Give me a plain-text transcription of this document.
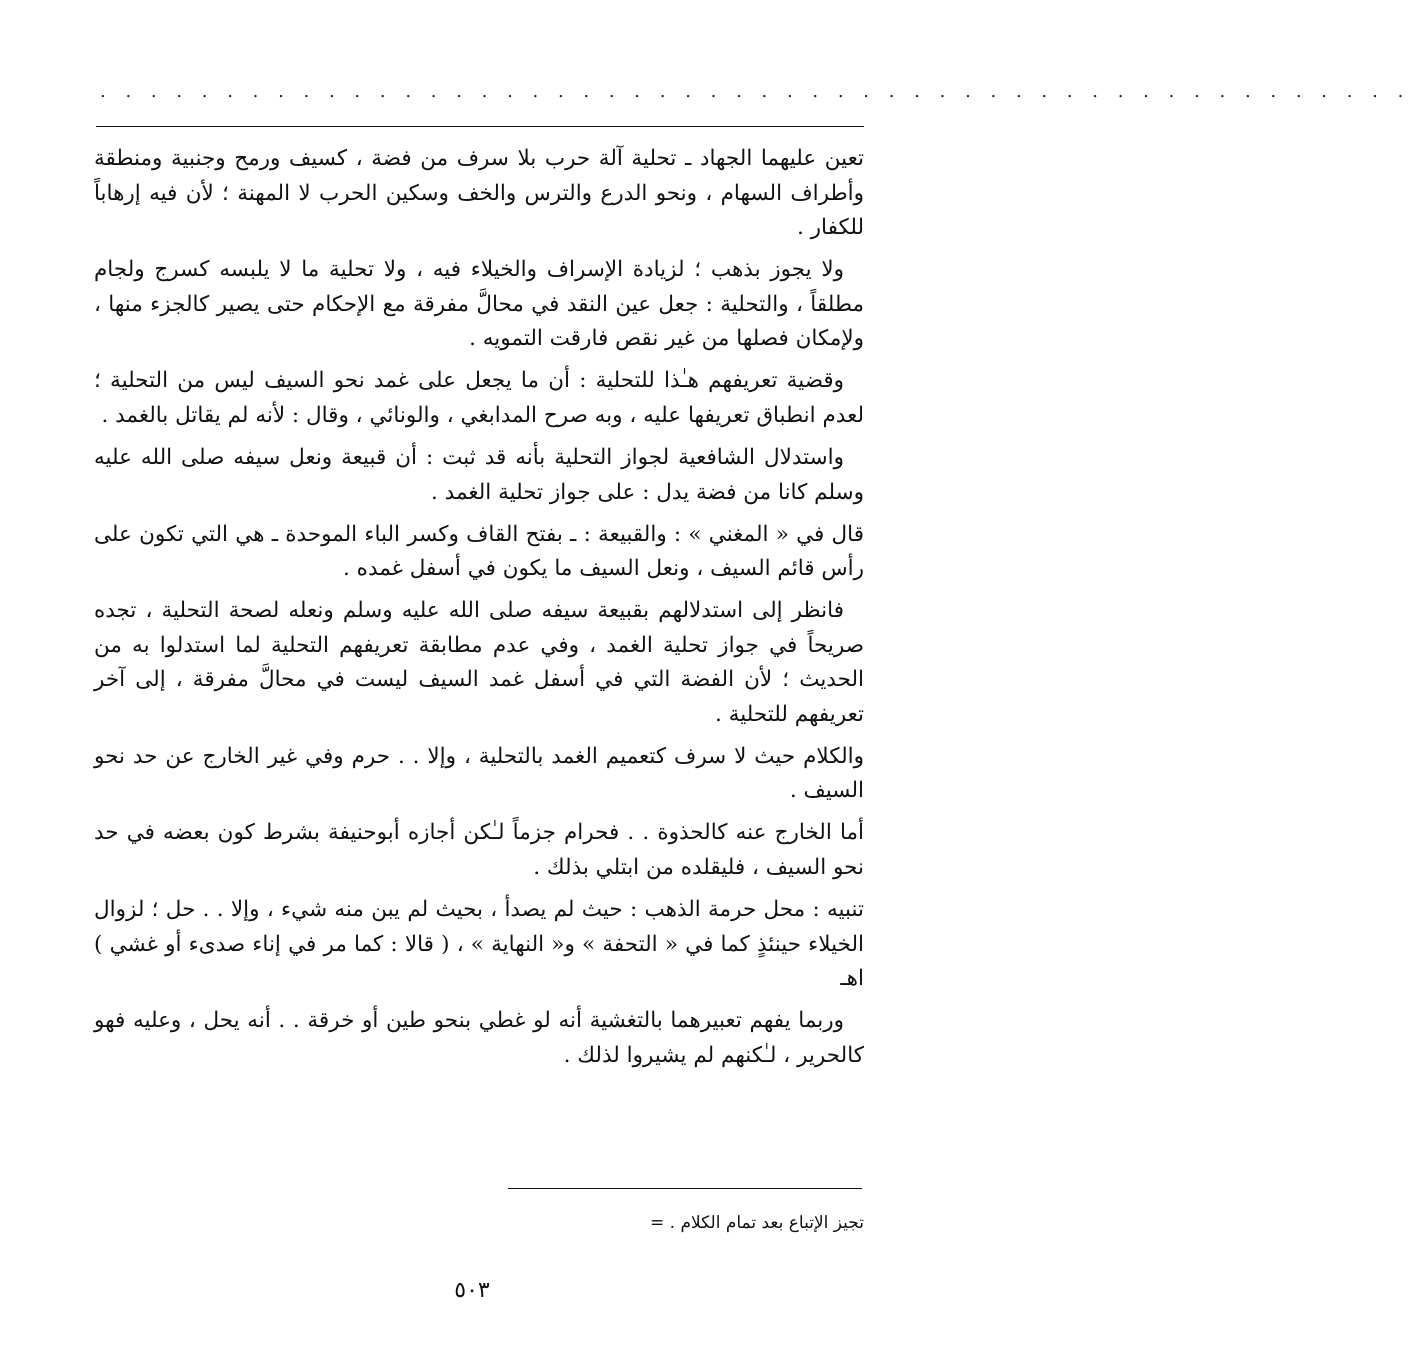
. . . . . . . . . . . . . . . . . . . . . . . . . . . . . . . . . . . . . . . . . . . . . . . . . . . .

تعين عليهما الجهاد ـ تحلية آلة حرب بلا سرف من فضة ، كسيف ورمح وجنبية ومنطقة وأطراف السهام ، ونحو الدرع والترس والخف وسكين الحرب لا المهنة ؛ لأن فيه إرهاباً للكفار .

ولا يجوز بذهب ؛ لزيادة الإسراف والخيلاء فيه ، ولا تحلية ما لا يلبسه كسرج ولجام مطلقاً ، والتحلية : جعل عين النقد في محالَّ مفرقة مع الإحكام حتى يصير كالجزء منها ، ولإمكان فصلها من غير نقص فارقت التمويه .

وقضية تعريفهم هـٰذا للتحلية : أن ما يجعل على غمد نحو السيف ليس من التحلية ؛ لعدم انطباق تعريفها عليه ، وبه صرح المدابغي ، والونائي ، وقال : لأنه لم يقاتل بالغمد .

واستدلال الشافعية لجواز التحلية بأنه قد ثبت : أن قبيعة ونعل سيفه صلى الله عليه وسلم كانا من فضة يدل : على جواز تحلية الغمد .

قال في « المغني » : والقبيعة : ـ بفتح القاف وكسر الباء الموحدة ـ هي التي تكون على رأس قائم السيف ، ونعل السيف ما يكون في أسفل غمده .

فانظر إلى استدلالهم بقبيعة سيفه صلى الله عليه وسلم ونعله لصحة التحلية ، تجده صريحاً في جواز تحلية الغمد ، وفي عدم مطابقة تعريفهم التحلية لما استدلوا به من الحديث ؛ لأن الفضة التي في أسفل غمد السيف ليست في محالَّ مفرقة ، إلى آخر تعريفهم للتحلية .

والكلام حيث لا سرف كتعميم الغمد بالتحلية ، وإلا . . حرم وفي غير الخارج عن حد نحو السيف .

أما الخارج عنه كالحذوة . . فحرام جزماً لـٰكن أجازه أبوحنيفة بشرط كون بعضه في حد نحو السيف ، فليقلده من ابتلي بذلك .

تنبيه : محل حرمة الذهب : حيث لم يصدأ ، بحيث لم يبن منه شيء ، وإلا . . حل ؛ لزوال الخيلاء حينئذٍ كما في « التحفة » و« النهاية » ، ( قالا : كما مر في إناء صدىء أو غشي ) اهـ

وربما يفهم تعبيرهما بالتغشية أنه لو غطي بنحو طين أو خرقة . . أنه يحل ، وعليه فهو كالحرير ، لـٰكنهم لم يشيروا لذلك .

تجيز الإتباع بعد تمام الكلام . =
٥٠٣
